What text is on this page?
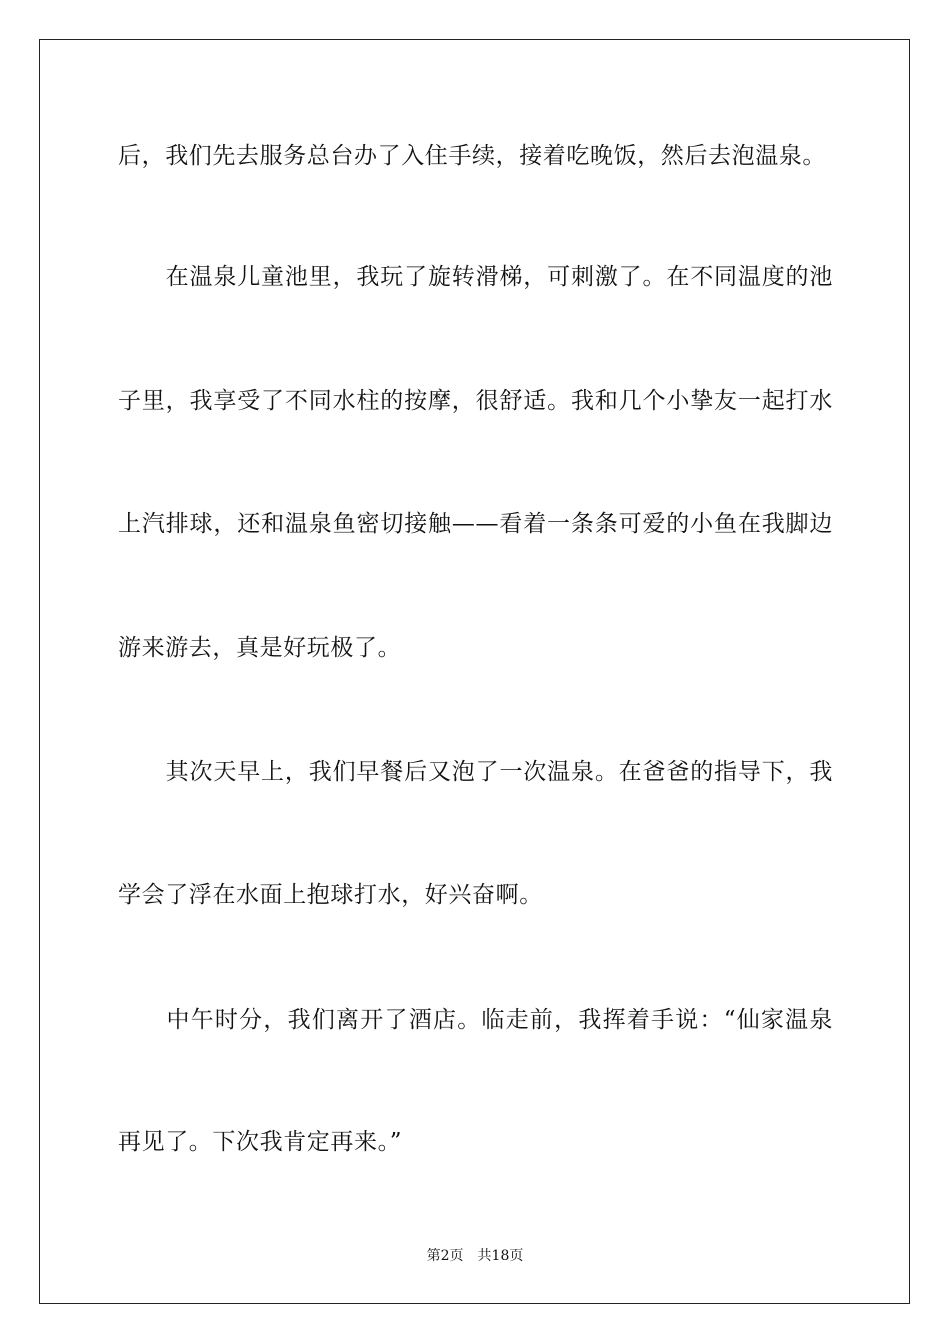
后，我们先去服务总台办了入住手续，接着吃晚饭，然后去泡温泉。
　　在温泉儿童池里，我玩了旋转滑梯，可刺激了。在不同温度的池
子里，我享受了不同水柱的按摩，很舒适。我和几个小挚友一起打水
上汽排球，还和温泉鱼密切接触——看着一条条可爱的小鱼在我脚边
游来游去，真是好玩极了。
　　其次天早上，我们早餐后又泡了一次温泉。在爸爸的指导下，我
学会了浮在水面上抱球打水，好兴奋啊。
　　中午时分，我们离开了酒店。临走前，我挥着手说：“仙家温泉
再见了。下次我肯定再来。”
第2页　共18页
